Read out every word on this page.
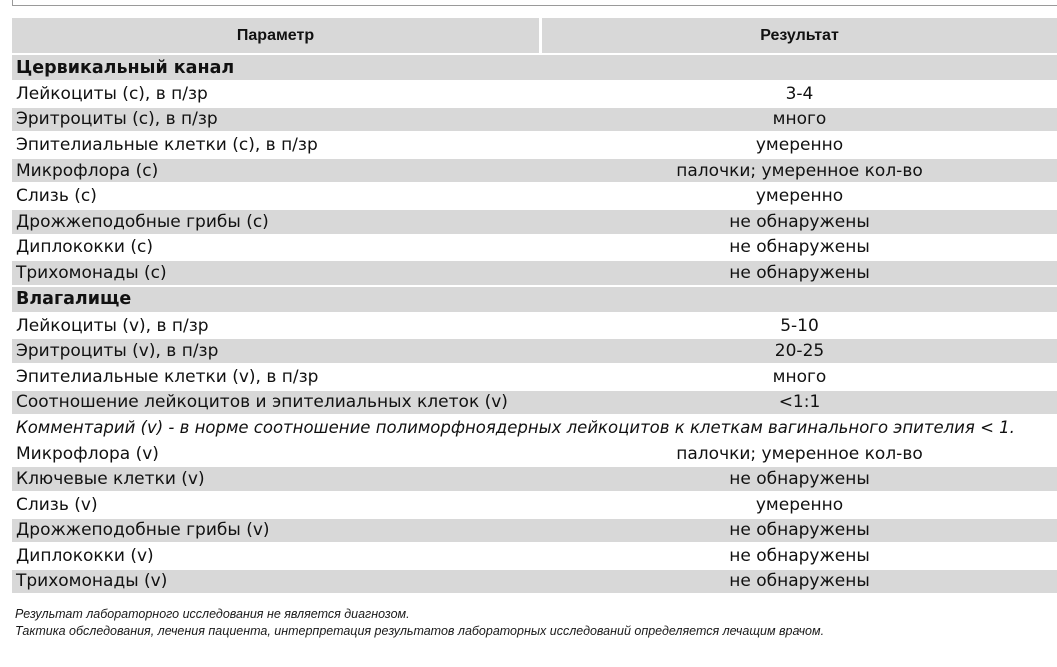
Параметр	Результат
Цервикальный канал
Лейкоциты (c), в п/зр	3-4
Эритроциты (c), в п/зр	много
Эпителиальные клетки (c), в п/зр	умеренно
Микрофлора (c)	палочки; умеренное кол-во
Слизь (c)	умеренно
Дрожжеподобные грибы (c)	не обнаружены
Диплококки (c)	не обнаружены
Трихомонады (c)	не обнаружены
Влагалище
Лейкоциты (v), в п/зр	5-10
Эритроциты (v), в п/зр	20-25
Эпителиальные клетки (v), в п/зр	много
Соотношение лейкоцитов и эпителиальных клеток (v)	<1:1
Комментарий (v) - в норме соотношение полиморфноядерных лейкоцитов к клеткам вагинального эпителия < 1.
Микрофлора (v)	палочки; умеренное кол-во
Ключевые клетки (v)	не обнаружены
Слизь (v)	умеренно
Дрожжеподобные грибы (v)	не обнаружены
Диплококки (v)	не обнаружены
Трихомонады (v)	не обнаружены
Результат лабораторного исследования не является диагнозом.
Тактика обследования, лечения пациента, интерпретация результатов лабораторных исследований определяется лечащим врачом.
